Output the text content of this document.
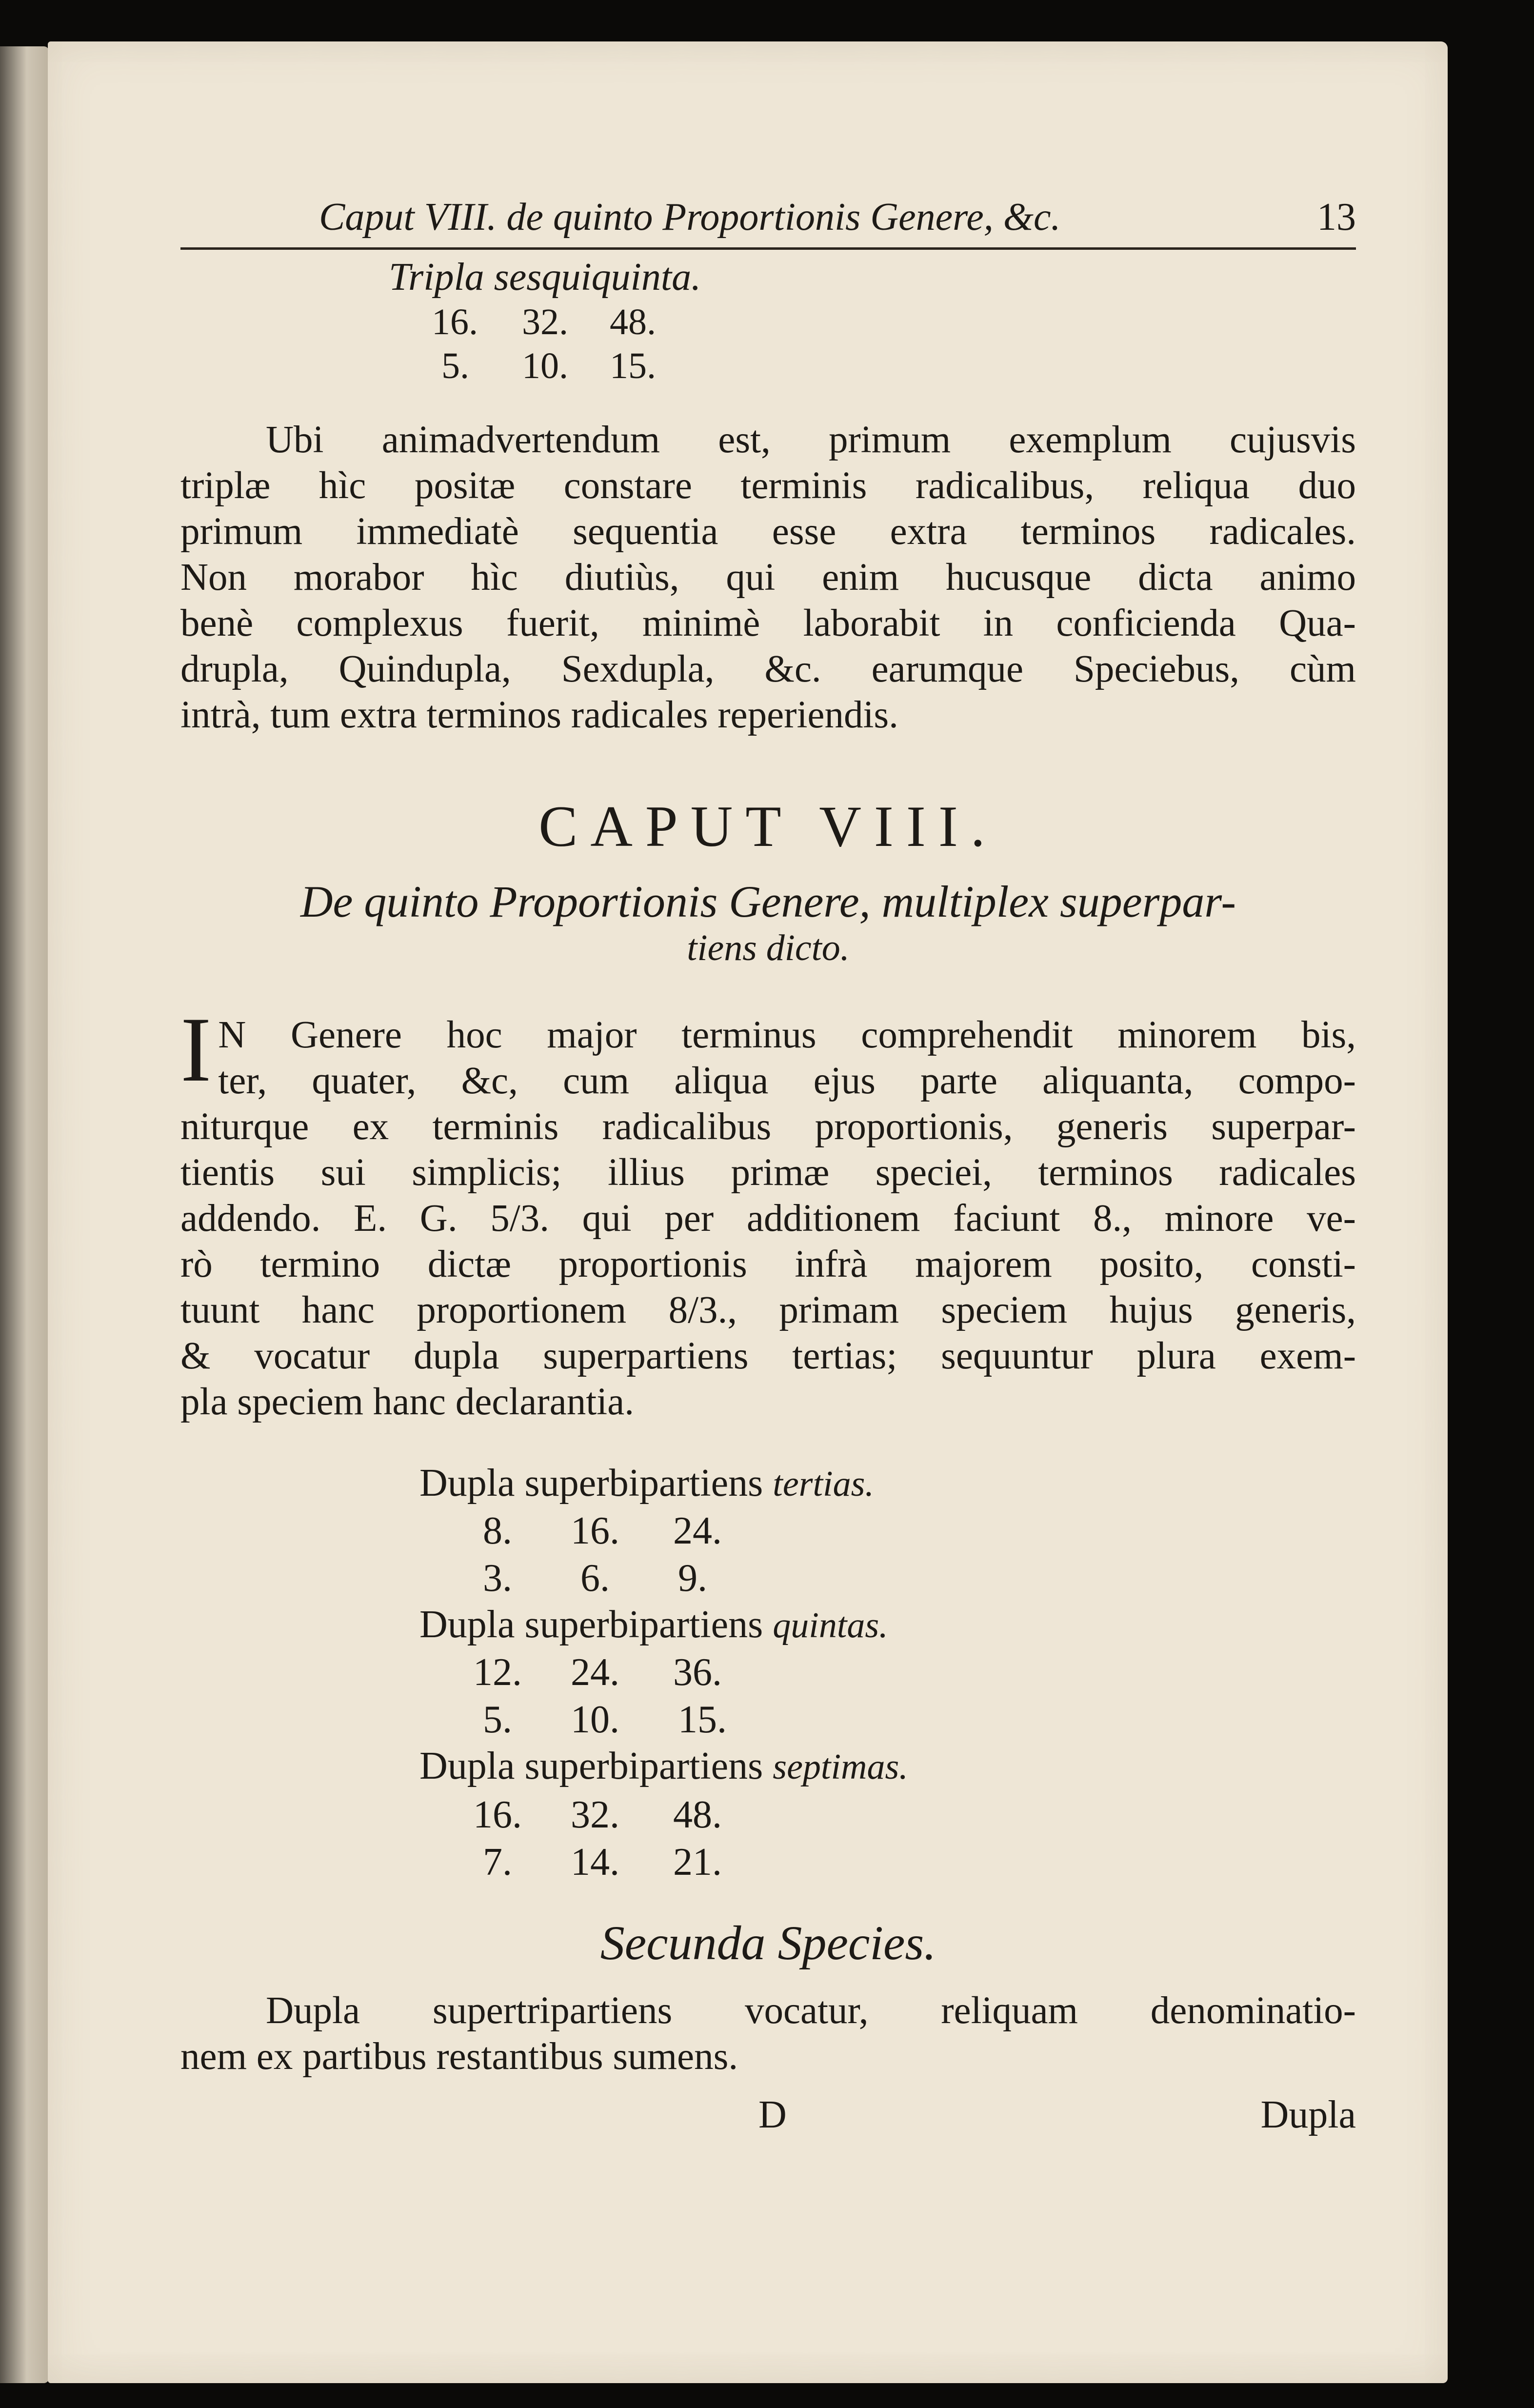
Caput VIII. de quinto Proportionis Genere, &c.	13
Tripla sesquiquinta.
16. 32. 48.
5. 10. 15.
Ubi animadvertendum est, primum exemplum cujusvis
triplæ hìc positæ constare terminis radicalibus, reliqua duo
primum immediatè sequentia esse extra terminos radicales.
Non morabor hìc diutiùs, qui enim hucusque dicta animo
benè complexus fuerit, minimè laborabit in conficienda Qua-
drupla, Quindupla, Sexdupla, &c. earumque Speciebus, cùm
intrà, tum extra terminos radicales reperiendis.
CAPUT VIII.
De quinto Proportionis Genere, multiplex superpar-
tiens dicto.
I N Genere hoc major terminus comprehendit minorem bis,
ter, quater, &c, cum aliqua ejus parte aliquanta, compo-
niturque ex terminis radicalibus proportionis, generis superpar-
tientis sui simplicis; illius primæ speciei, terminos radicales
addendo. E. G. 5/3. qui per additionem faciunt 8., minore ve-
rò termino dictæ proportionis infrà majorem posito, consti-
tuunt hanc proportionem 8/3., primam speciem hujus generis,
& vocatur dupla superpartiens tertias; sequuntur plura exem-
pla speciem hanc declarantia.
Dupla superbipartiens tertias.
8. 16. 24.
3. 6. 9.
Dupla superbipartiens quintas.
12. 24. 36.
5. 10. 15.
Dupla superbipartiens septimas.
16. 32. 48.
7. 14. 21.
Secunda Species.
Dupla supertripartiens vocatur, reliquam denominatio-
nem ex partibus restantibus sumens.
D	Dupla
